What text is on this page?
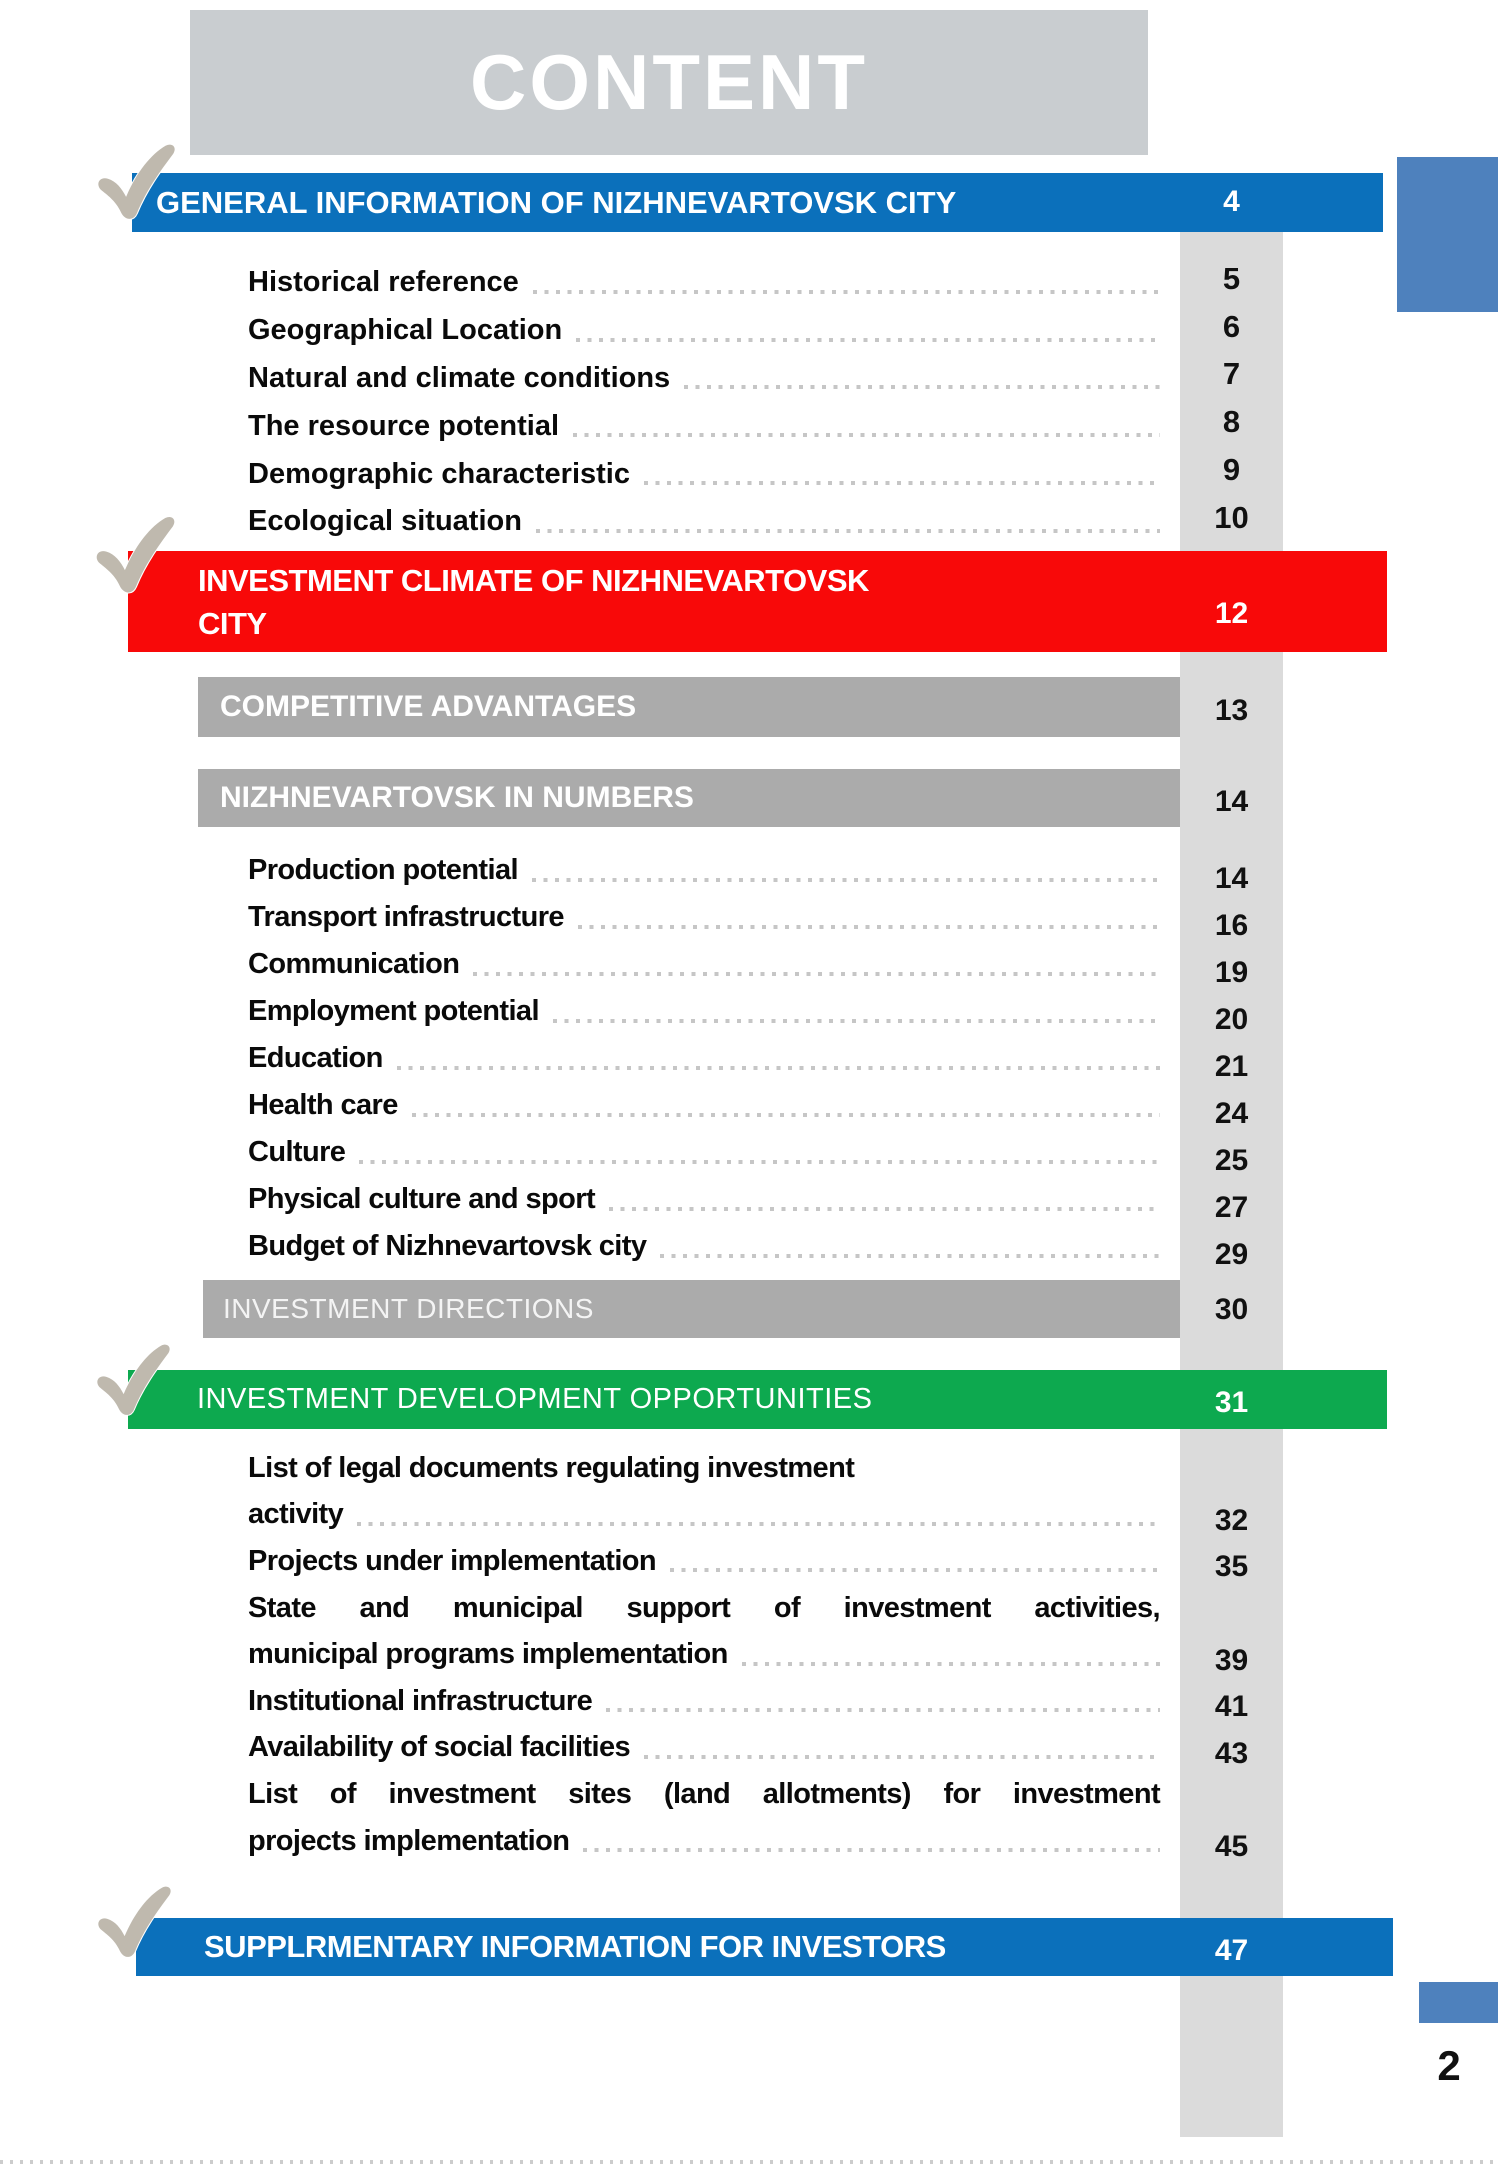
CONTENT
GENERAL INFORMATION OF NIZHNEVARTOVSK CITY	4
INVESTMENT CLIMATE OF NIZHNEVARTOVSK
CITY	12
COMPETITIVE ADVANTAGES	13
NIZHNEVARTOVSK IN NUMBERS	14
INVESTMENT DIRECTIONS	30
INVESTMENT DEVELOPMENT OPPORTUNITIES	31
SUPPLRMENTARY INFORMATION FOR INVESTORS	47
Historical reference	5
Geographical Location	6
Natural and climate conditions	7
The resource potential	8
Demographic characteristic	9
Ecological situation	10
Production potential	14
Transport infrastructure	16
Communication	19
Employment potential	20
Education	21
Health care	24
Culture	25
Physical culture and sport	27
Budget of Nizhnevartovsk city	29
List of legal documents regulating investment
activity	32
Projects under implementation	35
State and municipal support of investment activities,
municipal programs implementation	39
Institutional infrastructure	41
Availability of social facilities	43
List of investment sites (land allotments) for investment
projects implementation	45
2
